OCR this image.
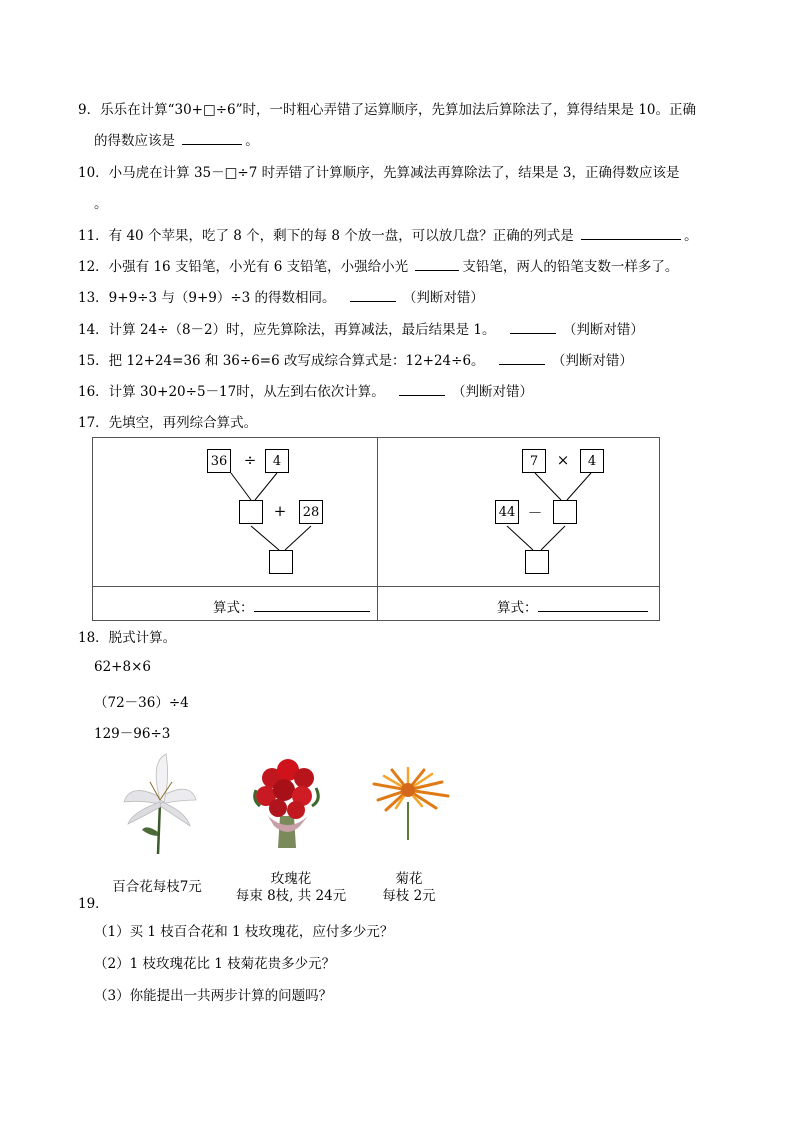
9．乐乐在计算“30+□÷6”时，一时粗心弄错了运算顺序，先算加法后算除法了，算得结果是 10。正确
的得数应该是	。
10．小马虎在计算 35－□÷7 时弄错了计算顺序，先算减法再算除法了，结果是 3，正确得数应该是
。
11．有 40 个苹果，吃了 8 个，剩下的每 8 个放一盘，可以放几盘？正确的列式是	。
12．小强有 16 支铅笔，小光有 6 支铅笔，小强给小光	支铅笔，两人的铅笔支数一样多了。
13．9+9÷3 与（9+9）÷3 的得数相同。	（判断对错）
14．计算 24÷（8－2）时，应先算除法，再算减法，最后结果是 1。	（判断对错）
15．把 12+24=36 和 36÷6=6 改写成综合算式是：12+24÷6。	（判断对错）
16．计算 30+20÷5－17时，从左到右依次计算。	（判断对错）
17．先填空，再列综合算式。
36 ÷	4
+ 28
算式：
7	×	4
44 －
算式：
18．脱式计算。
62+8×6
（72－36）÷4
129－96÷3
百合花每枝7元	玫瑰花
每束 8枝, 共 24元
菊花
每枝 2元
19．
（1）买 1 枝百合花和 1 枝玫瑰花，应付多少元？
（2）1 枝玫瑰花比 1 枝菊花贵多少元？
（3）你能提出一共两步计算的问题吗？
